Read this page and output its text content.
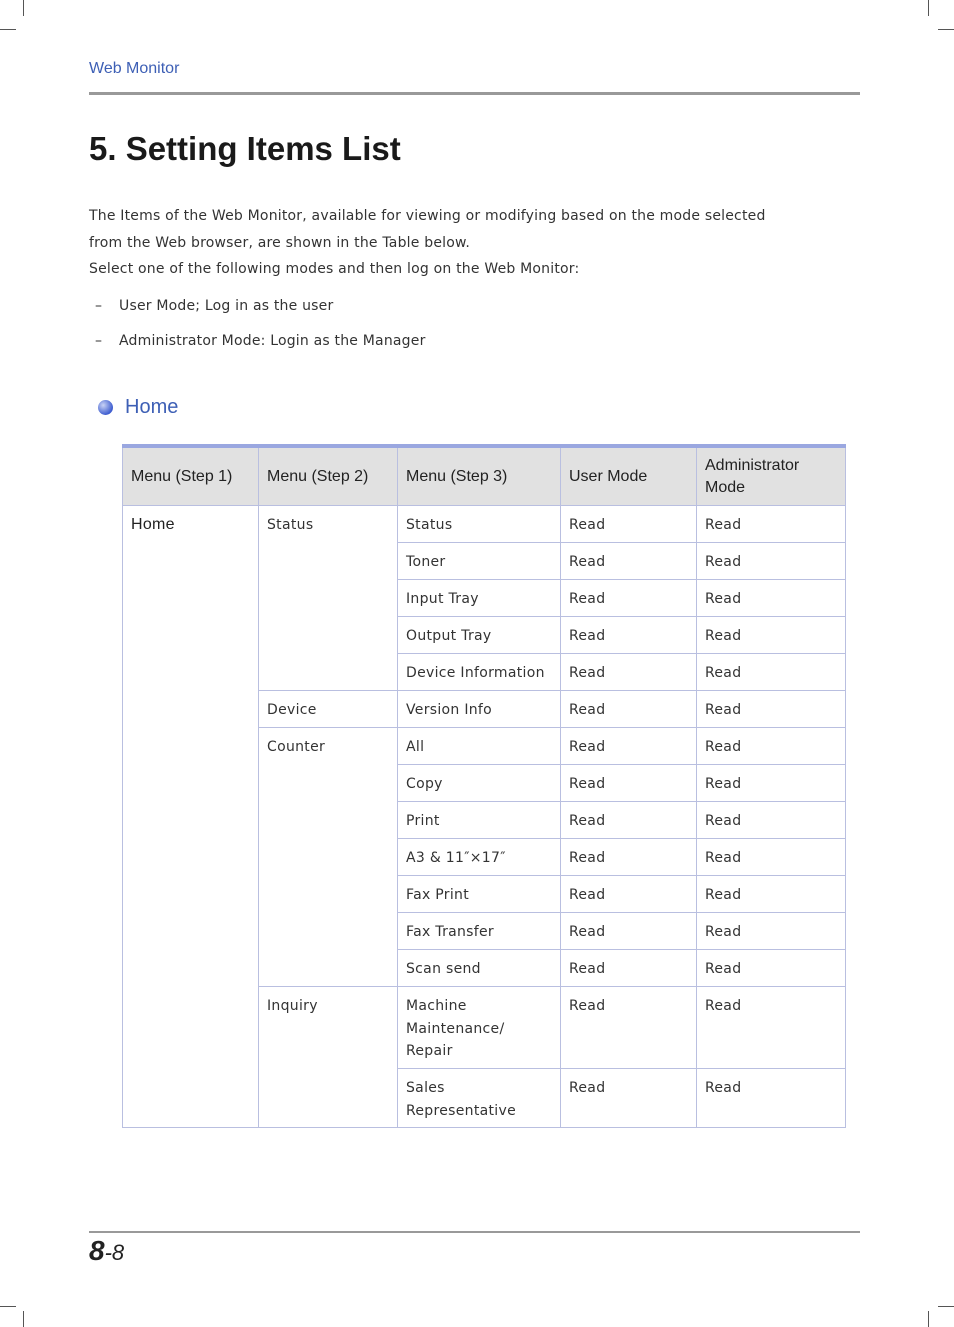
Web Monitor
5. Setting Items List

The Items of the Web Monitor, available for viewing or modifying based on the mode selected

from the Web browser, are shown in the Table below.

Select one of the following modes and then log on the Web Monitor:

–	User Mode; Log in as the user
–	Administrator Mode: Login as the Manager
Home
Menu (Step 1)	Menu (Step 2)	Menu (Step 3)	User Mode	Administrator Mode
Home	Status	Status	Read	Read
		Toner	Read	Read
		Input Tray	Read	Read
		Output Tray	Read	Read
		Device Information	Read	Read
	Device	Version Info	Read	Read
	Counter	All	Read	Read
		Copy	Read	Read
		Print	Read	Read
		A3 & 11″×17″	Read	Read
		Fax Print	Read	Read
		Fax Transfer	Read	Read
		Scan send	Read	Read
	Inquiry	Machine Maintenance/ Repair	Read	Read
		Sales Representative	Read	Read
8-8
